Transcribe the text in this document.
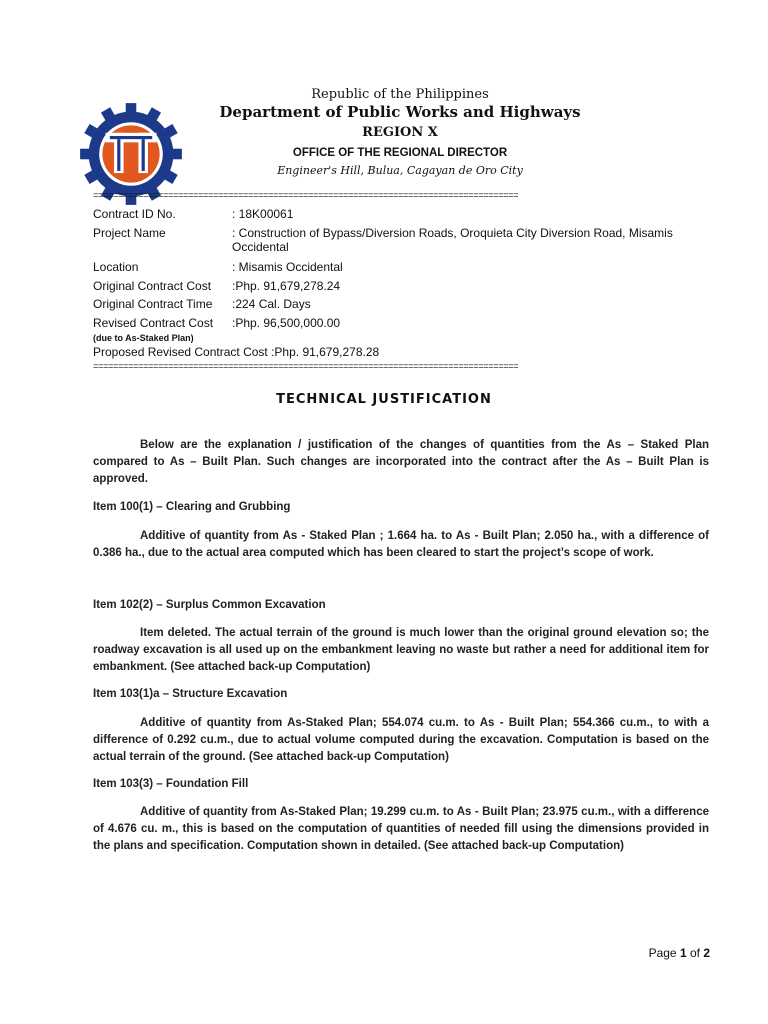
Republic of the Philippines
Department of Public Works and Highways
REGION X
OFFICE OF THE REGIONAL DIRECTOR
Engineer's Hill, Bulua, Cagayan de Oro City
=====================================================================================
Contract ID No.	: 18K00061
Project Name	: Construction of Bypass/Diversion Roads, Oroquieta City Diversion Road, Misamis Occidental
Location	: Misamis Occidental
Original Contract Cost	:Php. 91,679,278.24
Original Contract Time	:224 Cal. Days
Revised Contract Cost	:Php. 96,500,000.00
(due to As-Staked Plan)
Proposed Revised Contract Cost :Php. 91,679,278.28
=====================================================================================
TECHNICAL JUSTIFICATION

Below are the explanation / justification of the changes of quantities from the As – Staked Plan compared to As – Built Plan. Such changes are incorporated into the contract after the As – Built Plan is approved.

Item 100(1) – Clearing and Grubbing

Additive of quantity from As - Staked Plan ; 1.664 ha. to As - Built Plan; 2.050 ha., with a difference of 0.386 ha., due to the actual area computed which has been cleared to start the project’s scope of work.

Item 102(2) – Surplus Common Excavation

Item deleted. The actual terrain of the ground is much lower than the original ground elevation so; the roadway excavation is all used up on the embankment leaving no waste but rather a need for additional item for embankment. (See attached back-up Computation)

Item 103(1)a – Structure Excavation

Additive of quantity from As-Staked Plan; 554.074 cu.m. to As - Built Plan; 554.366 cu.m., to with a difference of 0.292 cu.m., due to actual volume computed during the excavation. Computation is based on the actual terrain of the ground. (See attached back-up Computation)

Item 103(3) – Foundation Fill

Additive of quantity from As-Staked Plan; 19.299 cu.m. to As - Built Plan; 23.975 cu.m., with a difference of 4.676 cu. m., this is based on the computation of quantities of needed fill using the dimensions provided in the plans and specification. Computation shown in detailed. (See attached back-up Computation)

Page 1 of 2
